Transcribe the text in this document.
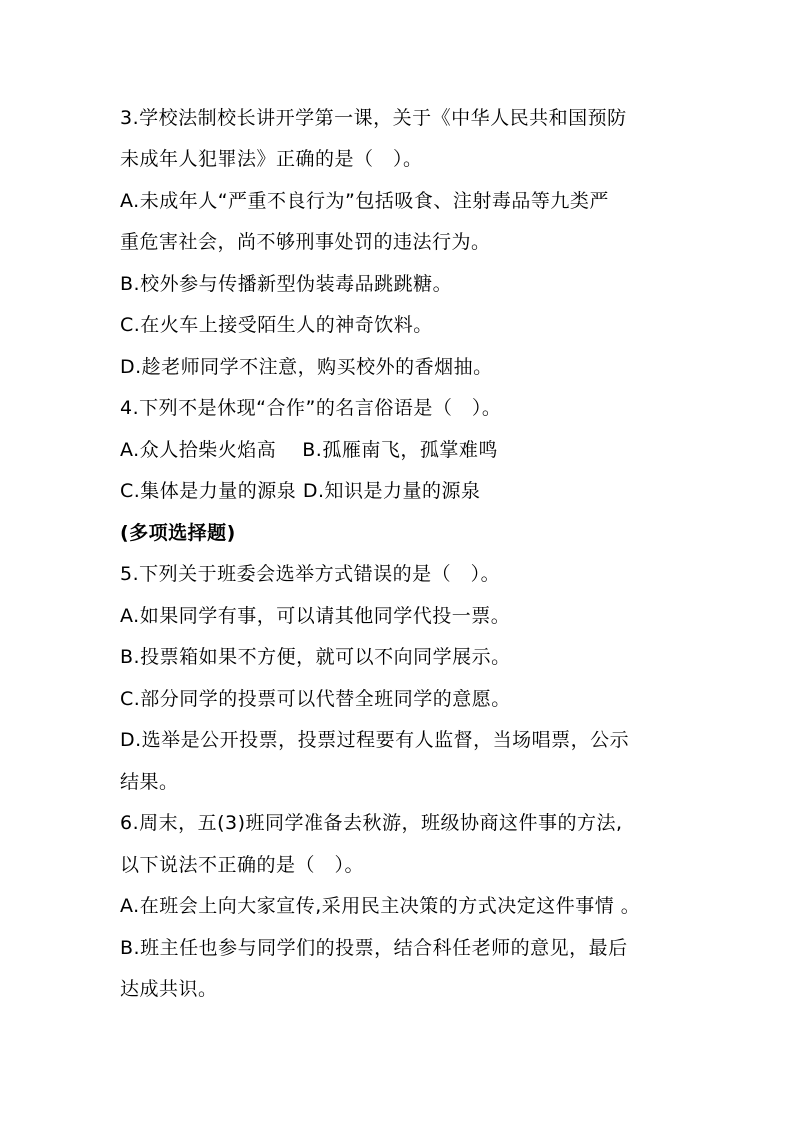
3.学校法制校长讲开学第一课，关于《中华人民共和国预防
未成年人犯罪法》正确的是（　）。
A.未成年人“严重不良行为”包括吸食、注射毒品等九类严
重危害社会，尚不够刑事处罚的违法行为。
B.校外参与传播新型伪装毒品跳跳糖。
C.在火车上接受陌生人的神奇饮料。
D.趁老师同学不注意，购买校外的香烟抽。
4.下列不是休现“合作”的名言俗语是（　）。
A.众人拾柴火焰高　 B.孤雁南飞，孤掌难鸣
C.集体是力量的源泉 D.知识是力量的源泉
(多项选择题)
5.下列关于班委会选举方式错误的是（　）。
A.如果同学有事，可以请其他同学代投一票。
B.投票箱如果不方便，就可以不向同学展示。
C.部分同学的投票可以代替全班同学的意愿。
D.选举是公开投票，投票过程要有人监督，当场唱票，公示
结果。
6.周末，五(3)班同学准备去秋游，班级协商这件事的方法,
以下说法不正确的是（　）。
A.在班会上向大家宣传,采用民主决策的方式决定这件事情 。
B.班主任也参与同学们的投票，结合科任老师的意见，最后
达成共识。
